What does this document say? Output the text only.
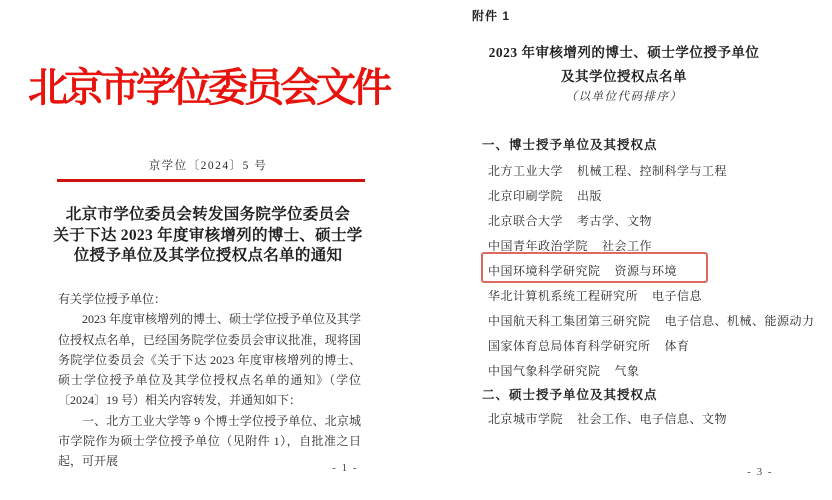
北京市学位委员会文件
京学位〔2024〕5 号
北京市学位委员会转发国务院学位委员会
关于下达 2023 年度审核增列的博士、硕士学
位授予单位及其学位授权点名单的通知
有关学位授予单位：

2023 年度审核增列的博士、硕士学位授予单位及其学位授权点名单，已经国务院学位委员会审议批准，现将国务院学位委员会《关于下达 2023 年度审核增列的博士、硕士学位授予单位及其学位授权点名单的通知》（学位〔2024〕19 号）相关内容转发，并通知如下：

一、北方工业大学等 9 个博士学位授予单位、北京城市学院作为硕士学位授予单位（见附件 1），自批准之日起，可开展	- 1 -
附件 1
2023 年审核增列的博士、硕士学位授予单位
及其学位授权点名单
（以单位代码排序）
一、博士授予单位及其授权点
北方工业大学 机械工程、控制科学与工程
北京印刷学院 出版
北京联合大学 考古学、文物
中国青年政治学院 社会工作
中国环境科学研究院 资源与环境
华北计算机系统工程研究所 电子信息
中国航天科工集团第三研究院 电子信息、机械、能源动力
国家体育总局体育科学研究所 体育
中国气象科学研究院 气象
二、硕士授予单位及其授权点
北京城市学院 社会工作、电子信息、文物
- 3 -
